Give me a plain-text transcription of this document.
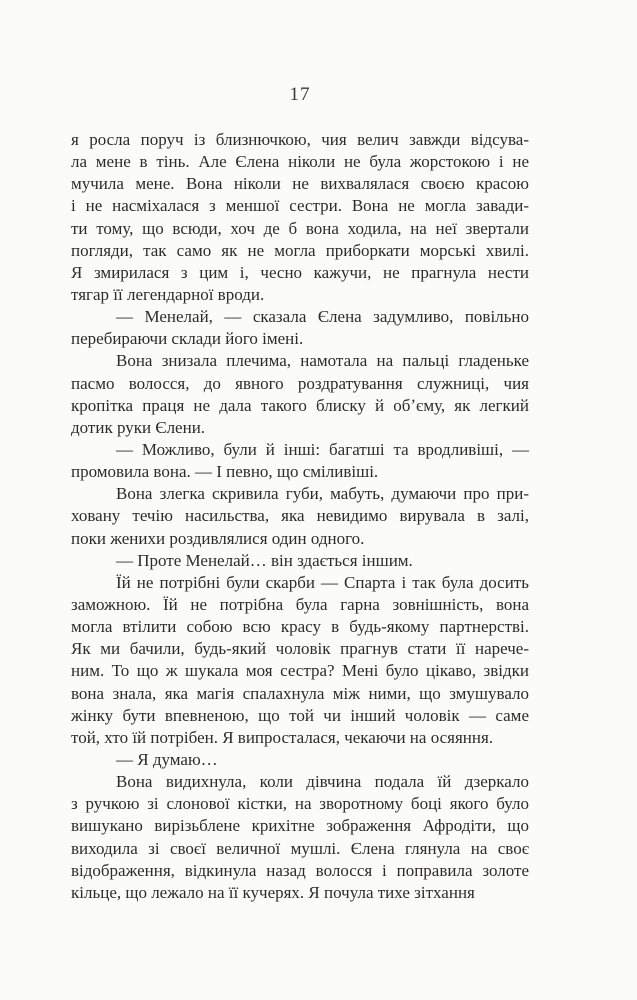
17
я росла поруч із близнючкою, чия велич завжди відсува-
ла мене в тінь. Але Єлена ніколи не була жорстокою і не
мучила мене. Вона ніколи не вихвалялася своєю красою
і не насміхалася з меншої сестри. Вона не могла завади-
ти тому, що всюди, хоч де б вона ходила, на неї звертали
погляди, так само як не могла приборкати морські хвилі.
Я змирилася з цим і, чесно кажучи, не прагнула нести
тягар її легендарної вроди.
— Менелай, — сказала Єлена задумливо, повільно
перебираючи склади його імені.
Вона знизала плечима, намотала на пальці гладеньке
пасмо волосся, до явного роздратування служниці, чия
кропітка праця не дала такого блиску й обʼєму, як легкий
дотик руки Єлени.
— Можливо, були й інші: багатші та вродливіші, —
промовила вона. — І певно, що сміливіші.
Вона злегка скривила губи, мабуть, думаючи про при-
ховану течію насильства, яка невидимо вирувала в залі,
поки женихи роздивлялися один одного.
— Проте Менелай… він здається іншим.
Їй не потрібні були скарби — Спарта і так була досить
заможною. Їй не потрібна була гарна зовнішність, вона
могла втілити собою всю красу в будь-якому партнерстві.
Як ми бачили, будь-який чоловік прагнув стати її нарече-
ним. То що ж шукала моя сестра? Мені було цікаво, звідки
вона знала, яка магія спалахнула між ними, що змушувало
жінку бути впевненою, що той чи інший чоловік — саме
той, хто їй потрібен. Я випросталася, чекаючи на осяяння.
— Я думаю…
Вона видихнула, коли дівчина подала їй дзеркало
з ручкою зі слонової кістки, на зворотному боці якого було
вишукано вирізьблене крихітне зображення Афродіти, що
виходила зі своєї величної мушлі. Єлена глянула на своє
відображення, відкинула назад волосся і поправила золоте
кільце, що лежало на її кучерях. Я почула тихе зітхання
